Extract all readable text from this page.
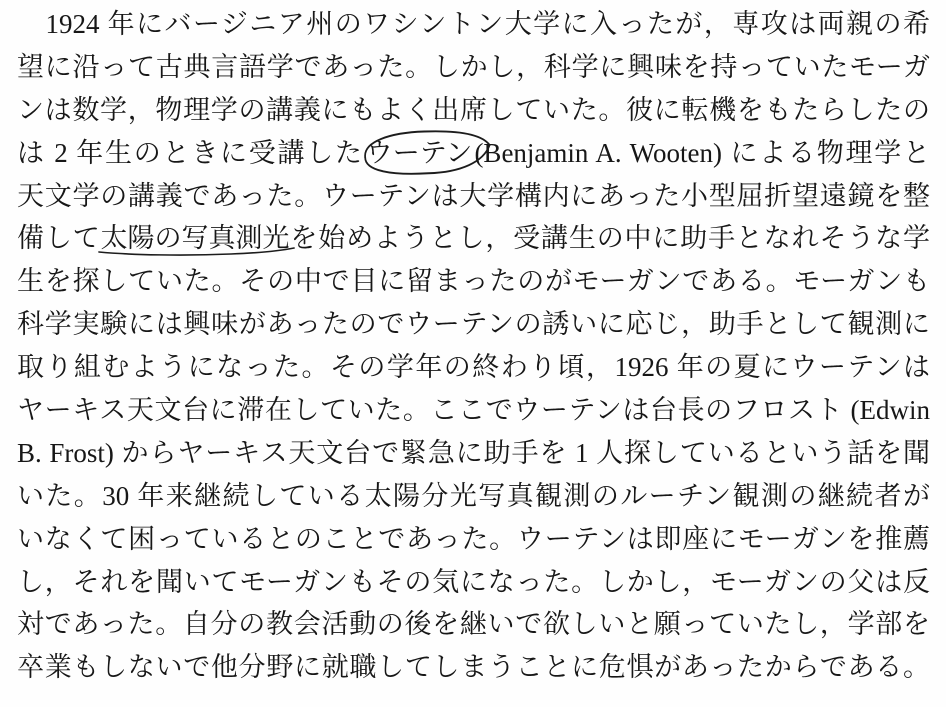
　1924 年にバージニア州のワシントン大学に入ったが，専攻は両親の希
望に沿って古典言語学であった。しかし，科学に興味を持っていたモーガ
ンは数学，物理学の講義にもよく出席していた。彼に転機をもたらしたの
は 2 年生のときに受講した
ウーテン(Benjamin A. Wooten) による物理学と
天文学の講義であった。ウーテンは大学構内にあった小型屈折望遠鏡を整
備して太陽の写真測光
を始めようとし，受講生の中に助手となれそうな学
生を探していた。その中で目に留まったのがモーガンである。モーガンも
科学実験には興味があったのでウーテンの誘いに応じ，助手として観測に
取り組むようになった。その学年の終わり頃，1926 年の夏にウーテンは
ヤーキス天文台に滞在していた。ここでウーテンは台長のフロスト (Edwin
B. Frost) からヤーキス天文台で緊急に助手を 1 人探しているという話を聞
いた。30 年来継続している太陽分光写真観測のルーチン観測の継続者が
いなくて困っているとのことであった。ウーテンは即座にモーガンを推薦
し，それを聞いてモーガンもその気になった。しかし，モーガンの父は反
対であった。自分の教会活動の後を継いで欲しいと願っていたし，学部を
卒業もしないで他分野に就職してしまうことに危惧があったからである。
